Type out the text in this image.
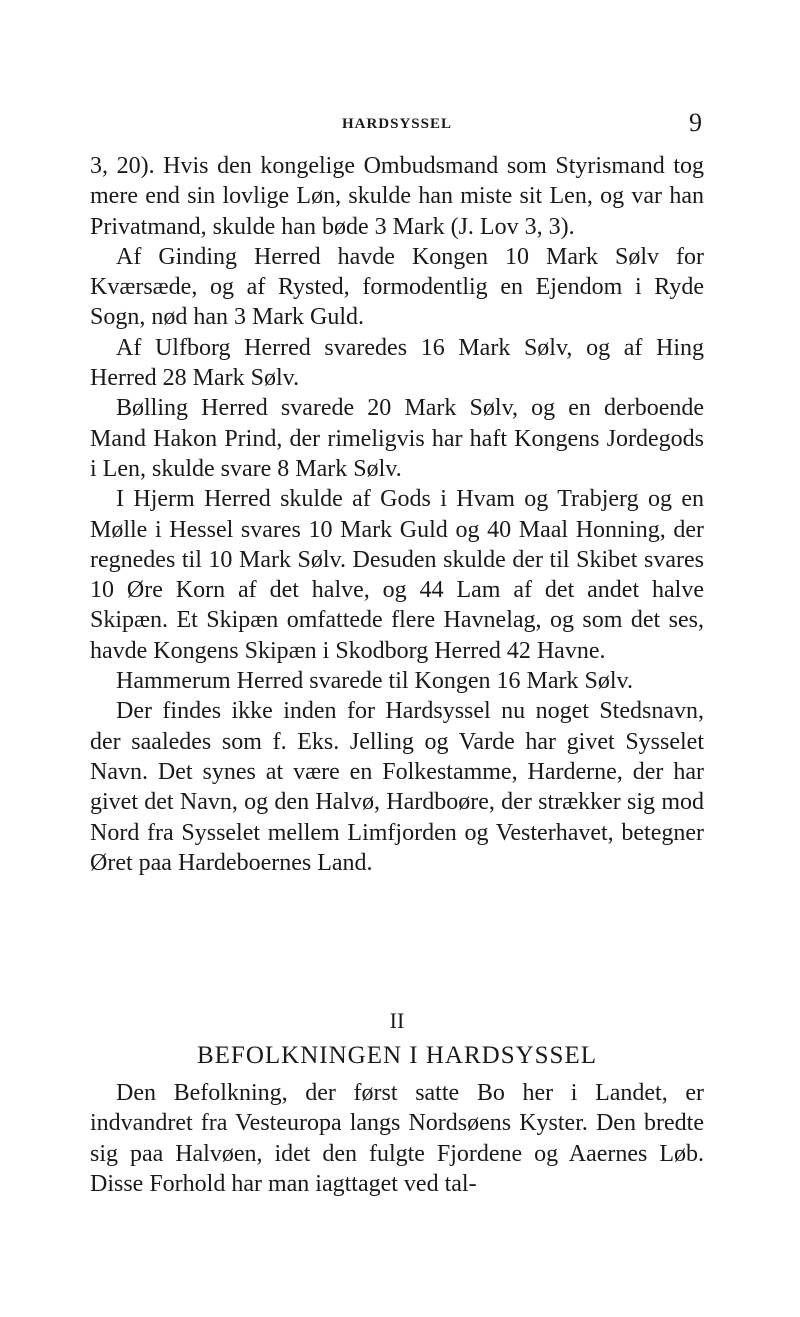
HARDSYSSEL	9

3, 20). Hvis den kongelige Ombudsmand som Styrismand tog mere end sin lovlige Løn, skulde han miste sit Len, og var han Privatmand, skulde han bøde 3 Mark (J. Lov 3, 3).

Af Ginding Herred havde Kongen 10 Mark Sølv for Kværsæde, og af Rysted, formodentlig en Ejendom i Ryde Sogn, nød han 3 Mark Guld.

Af Ulfborg Herred svaredes 16 Mark Sølv, og af Hing Herred 28 Mark Sølv.

Bølling Herred svarede 20 Mark Sølv, og en derboende Mand Hakon Prind, der rimeligvis har haft Kongens Jordegods i Len, skulde svare 8 Mark Sølv.

I Hjerm Herred skulde af Gods i Hvam og Trabjerg og en Mølle i Hessel svares 10 Mark Guld og 40 Maal Honning, der regnedes til 10 Mark Sølv. Desuden skulde der til Skibet svares 10 Øre Korn af det halve, og 44 Lam af det andet halve Skipæn. Et Skipæn omfattede flere Havnelag, og som det ses, havde Kongens Skipæn i Skodborg Herred 42 Havne.

Hammerum Herred svarede til Kongen 16 Mark Sølv.

Der findes ikke inden for Hardsyssel nu noget Stedsnavn, der saaledes som f. Eks. Jelling og Varde har givet Sysselet Navn. Det synes at være en Folkestamme, Harderne, der har givet det Navn, og den Halvø, Hardboøre, der strækker sig mod Nord fra Sysselet mellem Limfjorden og Vesterhavet, betegner Øret paa Hardeboernes Land.

II
BEFOLKNINGEN I HARDSYSSEL

Den Befolkning, der først satte Bo her i Landet, er indvandret fra Vesteuropa langs Nordsøens Kyster. Den bredte sig paa Halvøen, idet den fulgte Fjordene og Aaernes Løb. Disse Forhold har man iagttaget ved tal-
